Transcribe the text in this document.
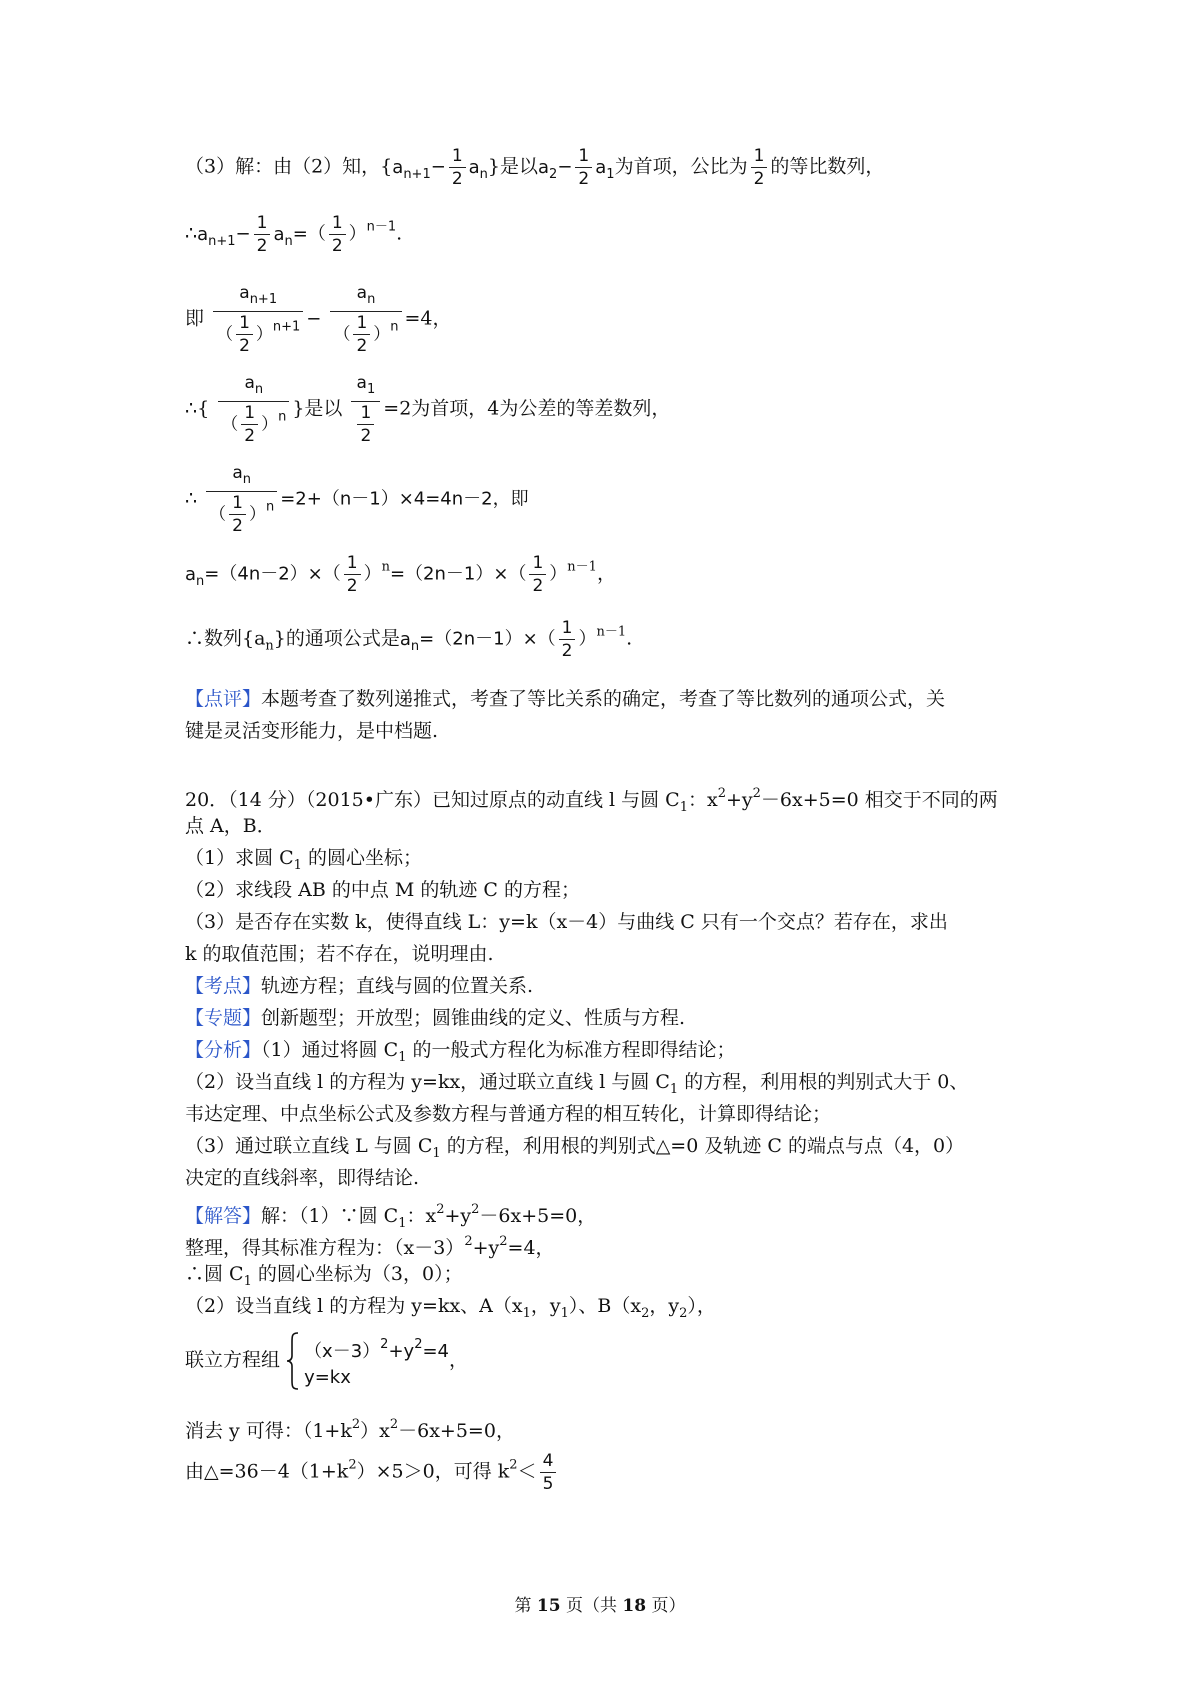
（3）解：由（2）知，$\{a_{n+1}- \frac{1}{2} a_n\}$是以$a_2- \frac{1}{2} a_1$为首项，公比为 $\frac{1}{2}$ 的等比数列，
$\therefore a_{n+1}- \frac{1}{2} a_n=( \frac{1}{2} )^{n-1}$.
即 $\frac{a_{n+1}}{( \frac{1}{2} )^{n+1}} - \frac{a_n}{( \frac{1}{2} )^n} =4$，
∴{ $\frac{a_n}{( \frac{1}{2} )^n}$ }是以 $\frac{a_1}{\frac{1}{2}} =2$为首项，4为公差的等差数列，
∴ $\frac{a_n}{( \frac{1}{2} )^n} =2+(n-1)\times 4=4n-2$，即
$a_n=(4n-2)\times( \frac{1}{2} )^n=(2n-1)\times( \frac{1}{2} )^{n-1}$，
∴数列$\{a_n\}$的通项公式是$a_n=(2n-1)\times( \frac{1}{2} )^{n-1}$.
【点评】本题考查了数列递推式，考查了等比关系的确定，考查了等比数列的通项公式，关
键是灵活变形能力，是中档题.
20．（14 分）（2015•广东）已知过原点的动直线 l 与圆 $C_1$：$x^2+y^2-6x+5=0$ 相交于不同的两
点 A，B．
（1）求圆 $C_1$ 的圆心坐标；
（2）求线段 AB 的中点 M 的轨迹 C 的方程；
（3）是否存在实数 k，使得直线 L：y=k（x－4）与曲线 C 只有一个交点？若存在，求出
k 的取值范围；若不存在，说明理由.
【考点】轨迹方程；直线与圆的位置关系.
【专题】创新题型；开放型；圆锥曲线的定义、性质与方程.
【分析】（1）通过将圆 $C_1$ 的一般式方程化为标准方程即得结论；
（2）设当直线 l 的方程为 y=kx，通过联立直线 l 与圆 $C_1$ 的方程，利用根的判别式大于 0、
韦达定理、中点坐标公式及参数方程与普通方程的相互转化，计算即得结论；
（3）通过联立直线 L 与圆 $C_1$ 的方程，利用根的判别式△=0 及轨迹 C 的端点与点（4，0）
决定的直线斜率，即得结论.
【解答】解：（1）∵圆 $C_1$：$x^2+y^2-6x+5=0$，
整理，得其标准方程为：$(x-3)^2+y^2=4$，
∴圆 $C_1$ 的圆心坐标为（3，0）；
（2）设当直线 l 的方程为 y=kx、$A(x_1$，$y_1$）、$B(x_2$，$y_2$），
联立方程组 $(x-3)^2+y^2=4$
y=kx
，
消去 y 可得：$(1+k^2)x^2-6x+5=0$，
由$\triangle=36-4(1+k^2)\times 5>0$，可得 $k^2< \frac{4}{5}$
第 15 页（共 18 页）
